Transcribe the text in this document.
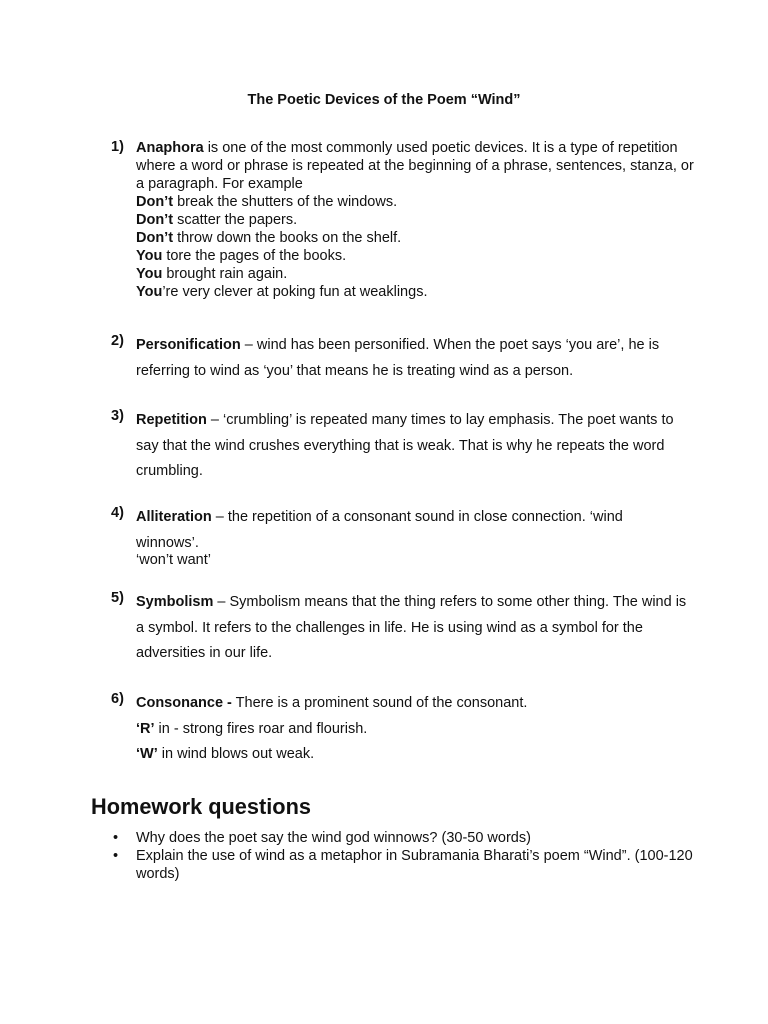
The Poetic Devices of the Poem “Wind”
1) Anaphora is one of the most commonly used poetic devices. It is a type of repetition where a word or phrase is repeated at the beginning of a phrase, sentences, stanza, or a paragraph. For example
Don’t break the shutters of the windows.
Don’t scatter the papers.
Don’t throw down the books on the shelf.
You tore the pages of the books.
You brought rain again.
You’re very clever at poking fun at weaklings.
2) Personification – wind has been personified. When the poet says ‘you are’, he is referring to wind as ‘you’ that means he is treating wind as a person.
3) Repetition – ‘crumbling’ is repeated many times to lay emphasis. The poet wants to say that the wind crushes everything that is weak. That is why he repeats the word crumbling.
4) Alliteration – the repetition of a consonant sound in close connection. ‘wind winnows’.
‘won’t want’
5) Symbolism – Symbolism means that the thing refers to some other thing. The wind is a symbol. It refers to the challenges in life. He is using wind as a symbol for the adversities in our life.
6) Consonance - There is a prominent sound of the consonant.
‘R’ in - strong fires roar and flourish.
‘W’ in wind blows out weak.
Homework questions
• Why does the poet say the wind god winnows? (30-50 words)
• Explain the use of wind as a metaphor in Subramania Bharati’s poem “Wind”. (100-120 words)
